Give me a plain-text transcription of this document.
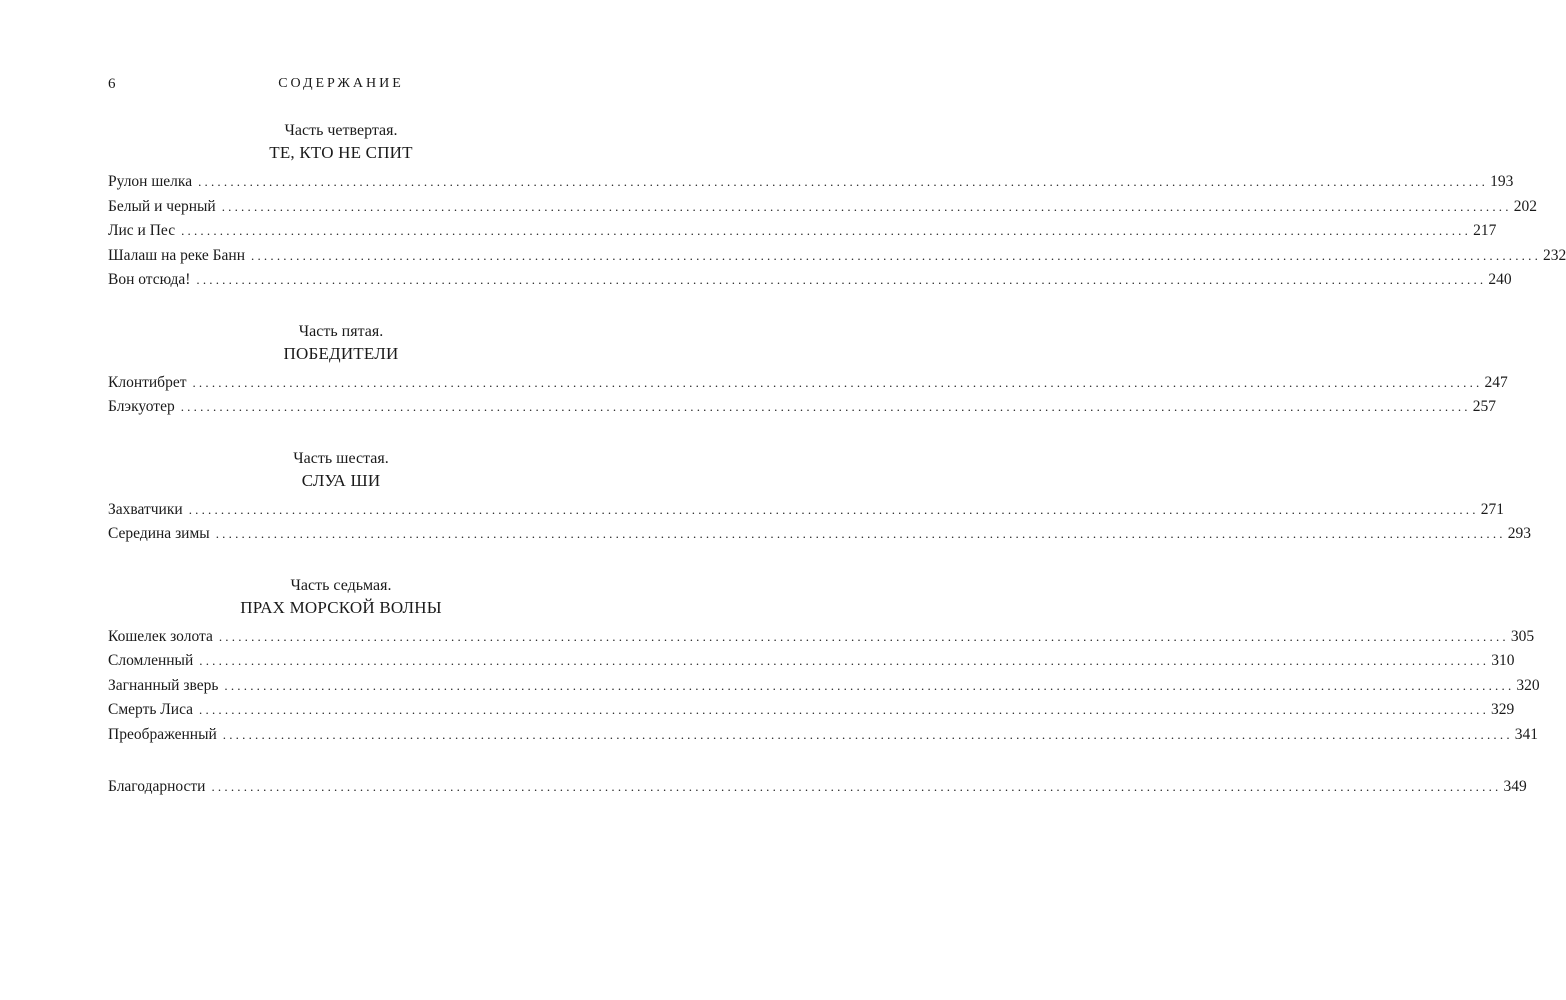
6	СОДЕРЖАНИЕ
Часть четвертая.
ТЕ, КТО НЕ СПИТ
Рулон шелка ........................................................................................................................................................................................................ 193
Белый и черный ........................................................................................................................................................................................................ 202
Лис и Пес ........................................................................................................................................................................................................ 217
Шалаш на реке Банн ........................................................................................................................................................................................................ 232
Вон отсюда! ........................................................................................................................................................................................................ 240
Часть пятая.
ПОБЕДИТЕЛИ
Клонтибрет ........................................................................................................................................................................................................ 247
Блэкуотер ........................................................................................................................................................................................................ 257
Часть шестая.
СЛУА ШИ
Захватчики ........................................................................................................................................................................................................ 271
Середина зимы ........................................................................................................................................................................................................ 293
Часть седьмая.
ПРАХ МОРСКОЙ ВОЛНЫ
Кошелек золота ........................................................................................................................................................................................................ 305
Сломленный ........................................................................................................................................................................................................ 310
Загнанный зверь ........................................................................................................................................................................................................ 320
Смерть Лиса ........................................................................................................................................................................................................ 329
Преображенный ........................................................................................................................................................................................................ 341
Благодарности ........................................................................................................................................................................................................ 349
